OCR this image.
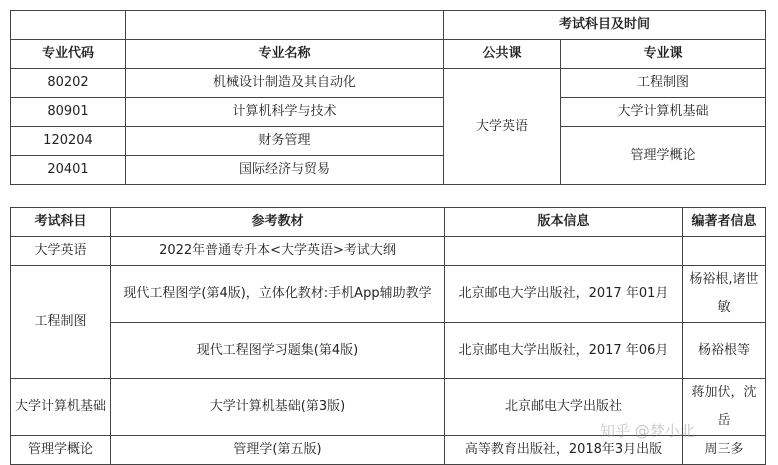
		考试科目及时间	
专业代码	专业名称	公共课	专业课
80202	机械设计制造及其自动化	大学英语	工程制图
80901	计算机科学与技术		大学计算机基础
120204	财务管理		管理学概论
20401	国际经济与贸易		
考试科目	参考教材	版本信息	编著者信息
大学英语	2022年普通专升本<大学英语>考试大纲		
工程制图	现代工程图学(第4版)，立体化教材:手机App辅助教学	北京邮电大学出版社，2017 年01月	杨裕根,诸世敏
	现代工程图学习题集(第4版)	北京邮电大学出版社，2017 年06月	杨裕根等
大学计算机基础	大学计算机基础(第3版)	北京邮电大学出版社	蒋加伏，沈岳
管理学概论	管理学(第五版)	高等教育出版社，2018年3月出版	周三多
知乎 @梦小北
